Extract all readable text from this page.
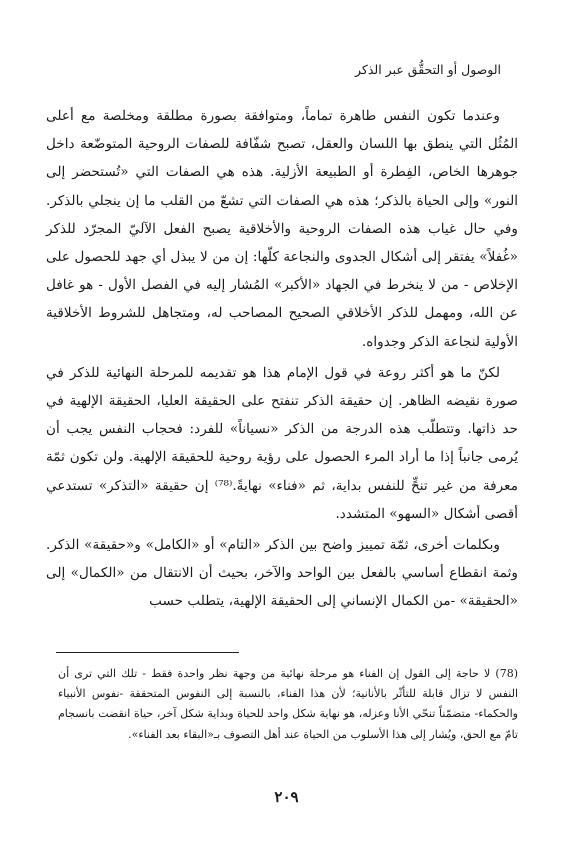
الوصول أو التحقُّق عبر الذكر

وعندما تكون النفس طاهرة تماماً، ومتوافقة بصورة مطلقة ومخلصة مع أعلى المُثُل التي ينطق بها اللسان والعقل، تصبح شفّافة للصفات الروحية المتوضّعة داخل جوهرها الخاص، الفِطرة أو الطبيعة الأزلية. هذه هي الصفات التي «تُستحضر إلى النور» وإلى الحياة بالذكر؛ هذه هي الصفات التي تشعّ من القلب ما إن ينجلي بالذكر. وفي حال غياب هذه الصفات الروحية والأخلاقية يصبح الفعل الآليّ المجرّد للذكر «غُفلاً» يفتقر إلى أشكال الجدوى والنجاعة كلّها: إن من لا يبذل أي جهد للحصول على الإخلاص - من لا ينخرط في الجهاد «الأكبر» المُشار إليه في الفصل الأول - هو غافل عن الله، ومهمل للذكر الأخلاقي الصحيح المصاحب له، ومتجاهل للشروط الأخلاقية الأولية لنجاعة الذكر وجدواه.

لكنّ ما هو أكثر روعة في قول الإمام هذا هو تقديمه للمرحلة النهائية للذكر في صورة نقيضه الظاهر. إن حقيقة الذكر تنفتح على الحقيقة العليا، الحقيقة الإلهية في حد ذاتها. وتتطلّب هذه الدرجة من الذكر «نسياناً» للفرد: فحجاب النفس يجب أن يُرمى جانباً إذا ما أراد المرء الحصول على رؤية روحية للحقيقة الإلهية. ولن تكون ثمّة معرفة من غير تنحٍّ للنفس بداية، ثم «فناء» نهايةً.⁽⁷⁸⁾ إن حقيقة «التذكر» تستدعي أقصى أشكال «السهو» المتشدد.

وبكلمات أخرى، ثمّة تمييز واضح بين الذكر «التام» أو «الكامل» و«حقيقة» الذكر. وثمة انقطاع أساسي بالفعل بين الواحد والآخر، بحيث أن الانتقال من «الكمال» إلى «الحقيقة» -من الكمال الإنساني إلى الحقيقة الإلهية، يتطلب حسب

(78) لا حاجة إلى القول إن الفناء هو مرحلة نهائية من وجهة نظر واحدة فقط - تلك التي ترى أن النفس لا تزال قابلة للتأثّر بالأنانية؛ لأن هذا الفناء، بالنسبة إلى النفوس المتحققة -نفوس الأنبياء والحكماء- متضمّناً تنحّي الأنا وعزله، هو نهاية شكل واحد للحياة وبداية شكل آخر، حياة انقضت بانسجام تامّ مع الحق، ويُشار إلى هذا الأسلوب من الحياة عند أهل التصوف بـ«البقاء بعد الفناء».

٢٠٩
